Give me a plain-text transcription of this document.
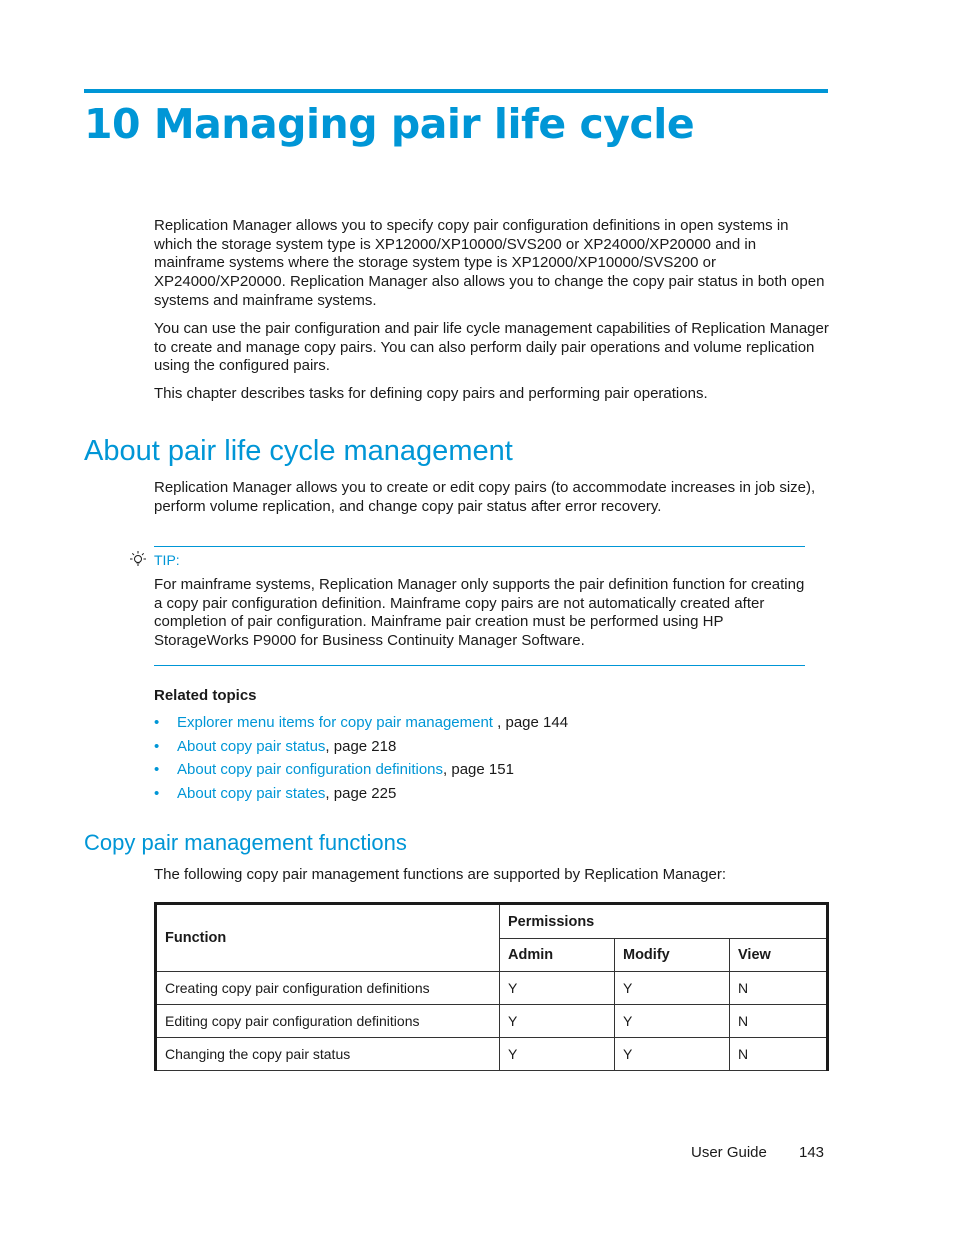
10 Managing pair life cycle

Replication Manager allows you to specify copy pair configuration definitions in open systems in which the storage system type is XP12000/XP10000/SVS200 or XP24000/XP20000 and in mainframe systems where the storage system type is XP12000/XP10000/SVS200 or XP24000/XP20000. Replication Manager also allows you to change the copy pair status in both open systems and mainframe systems.

You can use the pair configuration and pair life cycle management capabilities of Replication Manager to create and manage copy pairs. You can also perform daily pair operations and volume replication using the configured pairs.

This chapter describes tasks for defining copy pairs and performing pair operations.

About pair life cycle management

Replication Manager allows you to create or edit copy pairs (to accommodate increases in job size), perform volume replication, and change copy pair status after error recovery.

TIP:

For mainframe systems, Replication Manager only supports the pair definition function for creating a copy pair configuration definition. Mainframe copy pairs are not automatically created after completion of pair configuration. Mainframe pair creation must be performed using HP StorageWorks P9000 for Business Continuity Manager Software.

Related topics

• Explorer menu items for copy pair management , page 144
• About copy pair status, page 218
• About copy pair configuration definitions, page 151
• About copy pair states, page 225
Copy pair management functions

The following copy pair management functions are supported by Replication Manager:

Function	Permissions		
	Admin	Modify	View
Creating copy pair configuration definitions	Y	Y	N
Editing copy pair configuration definitions	Y	Y	N
Changing the copy pair status	Y	Y	N
User Guide 143
